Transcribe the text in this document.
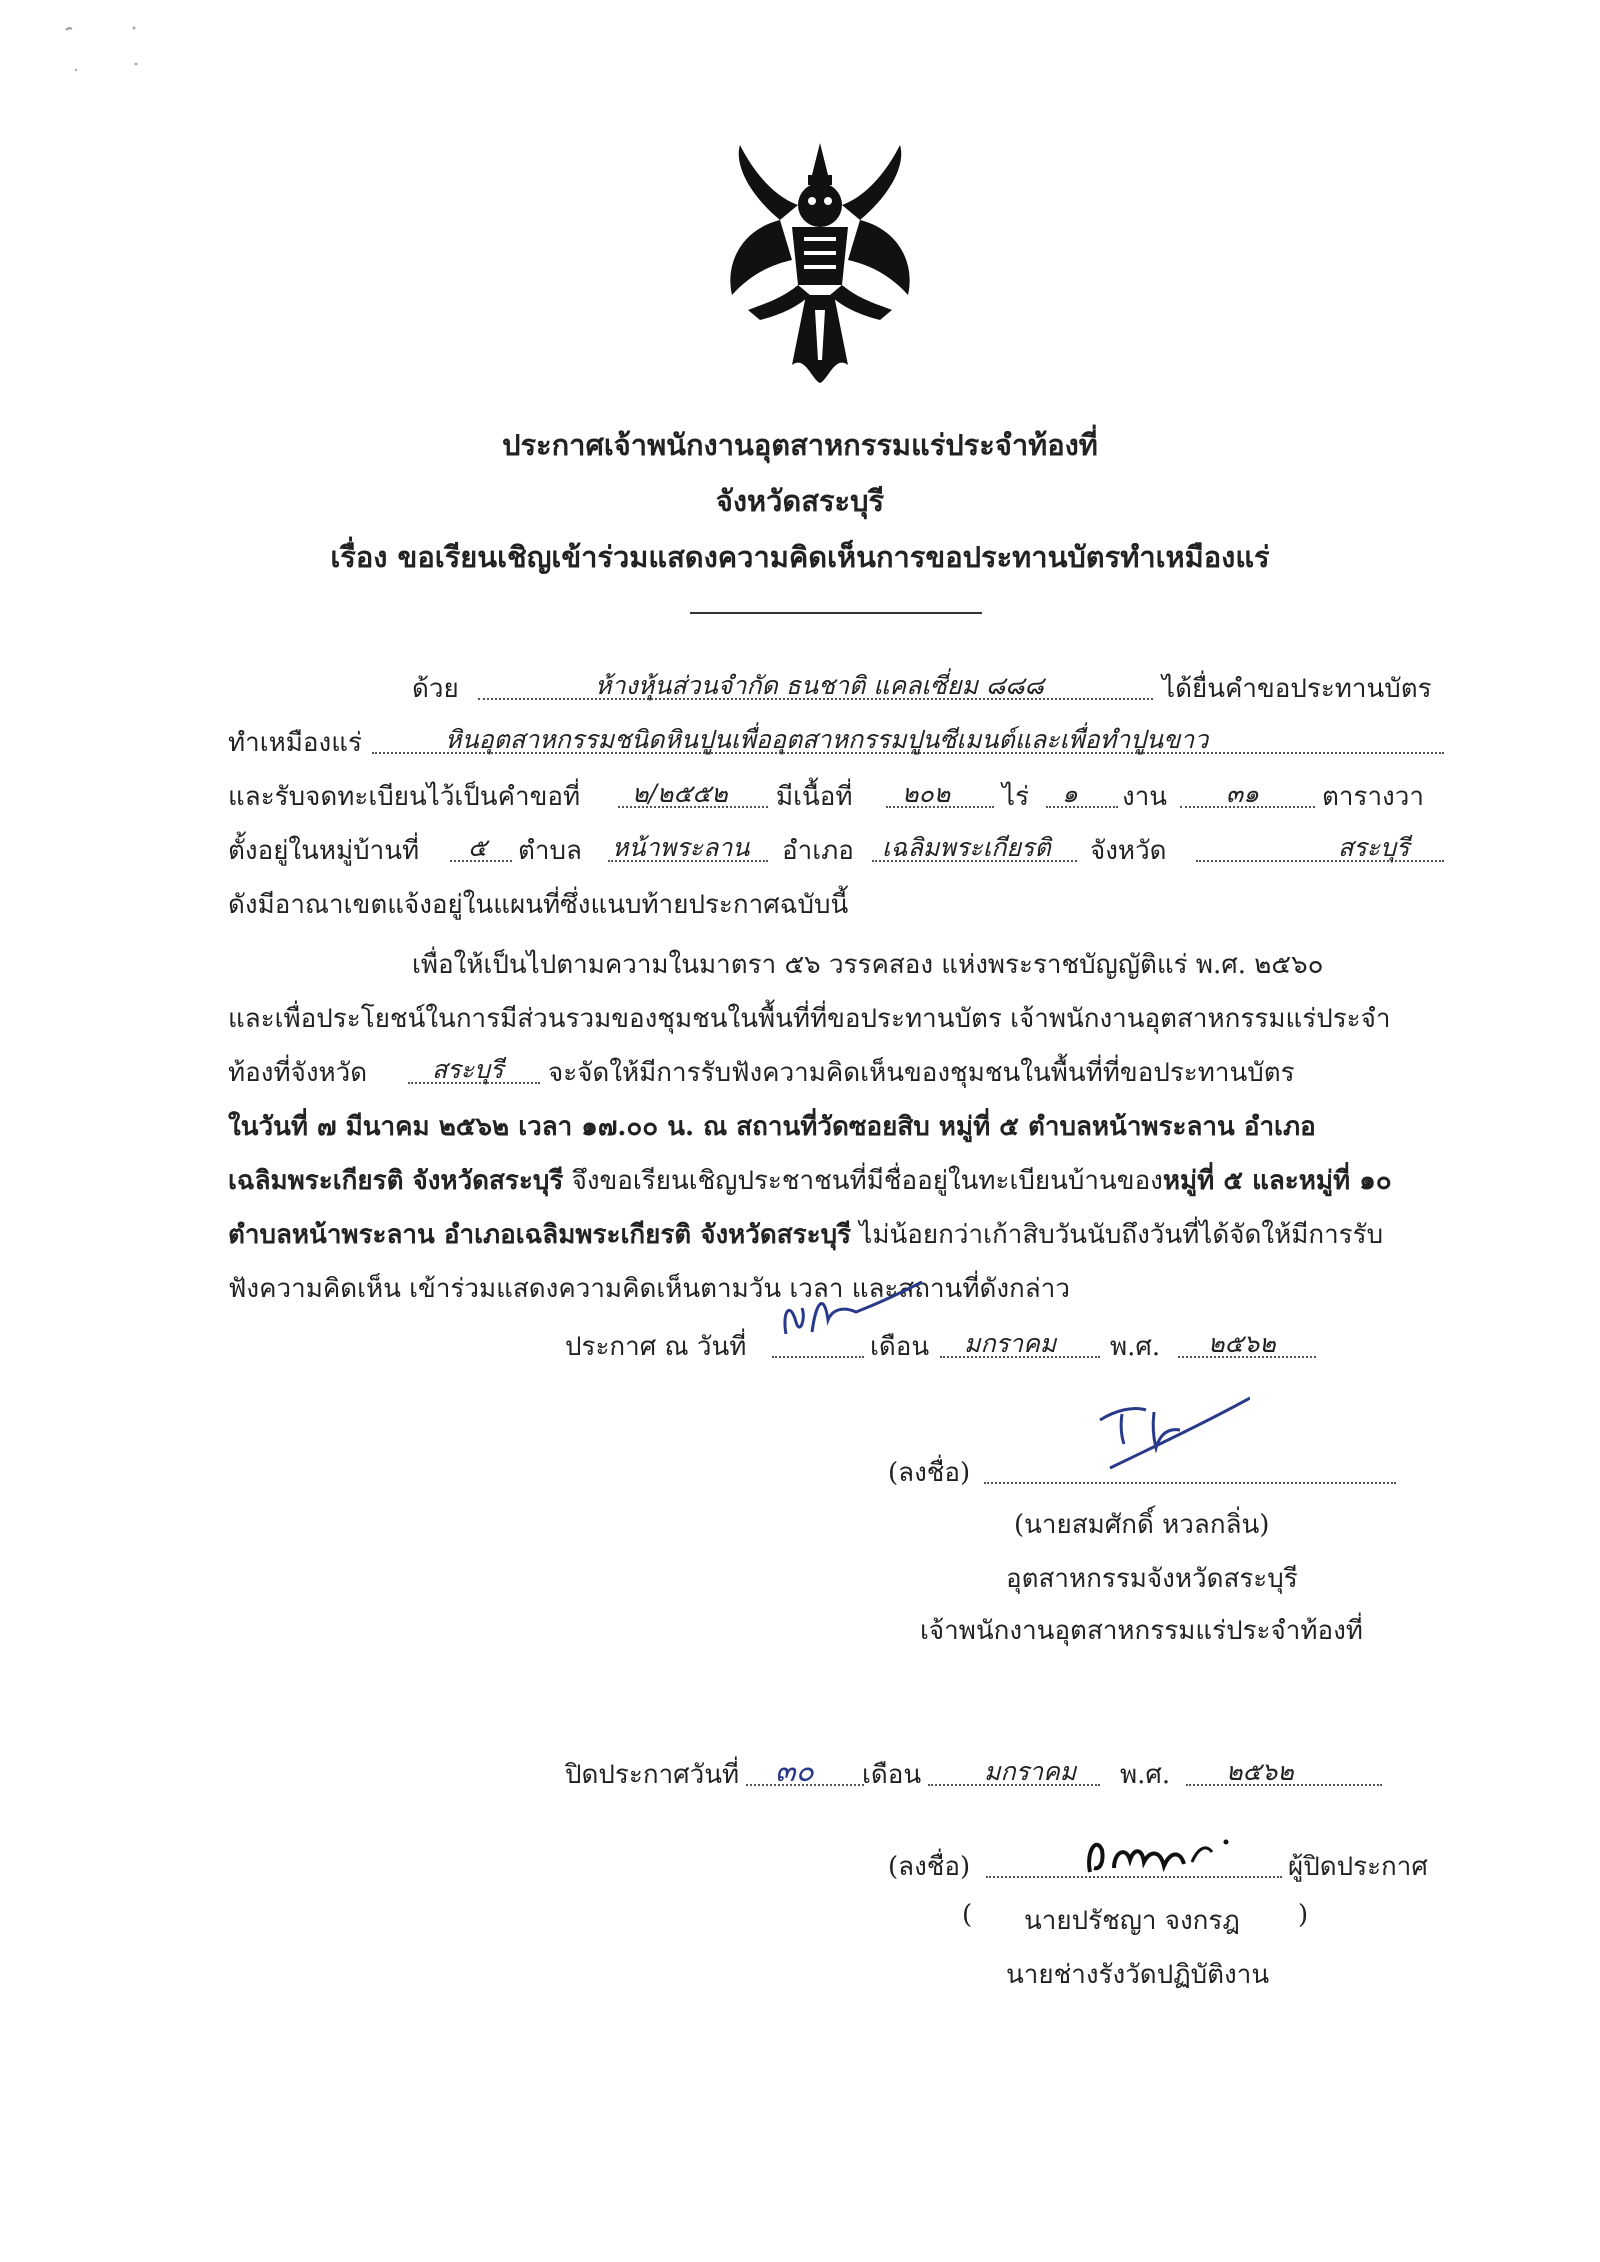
ประกาศเจ้าพนักงานอุตสาหกรรมแร่ประจำท้องที่
จังหวัดสระบุรี
เรื่อง ขอเรียนเชิญเข้าร่วมแสดงความคิดเห็นการขอประทานบัตรทำเหมืองแร่
ด้วย	ห้างหุ้นส่วนจำกัด ธนชาติ แคลเซี่ยม ๘๘๘	ได้ยื่นคำขอประทานบัตร
ทำเหมืองแร่	หินอุตสาหกรรมชนิดหินปูนเพื่ออุตสาหกรรมปูนซีเมนต์และเพื่อทำปูนขาว
และรับจดทะเบียนไว้เป็นคำขอที่ ๒/๒๕๕๒ มีเนื้อที่ ๒๐๒ ไร่ ๑ งาน ๓๑ ตารางวา
ตั้งอยู่ในหมู่บ้านที่ ๕ ตำบล หน้าพระลาน อำเภอ เฉลิมพระเกียรติ จังหวัด	สระบุรี
ดังมีอาณาเขตแจ้งอยู่ในแผนที่ซึ่งแนบท้ายประกาศฉบับนี้
เพื่อให้เป็นไปตามความในมาตรา ๕๖ วรรคสอง แห่งพระราชบัญญัติแร่ พ.ศ. ๒๕๖๐
และเพื่อประโยชน์ในการมีส่วนรวมของชุมชนในพื้นที่ที่ขอประทานบัตร เจ้าพนักงานอุตสาหกรรมแร่ประจำ
ท้องที่จังหวัด	สระบุรี จะจัดให้มีการรับฟังความคิดเห็นของชุมชนในพื้นที่ที่ขอประทานบัตร
ในวันที่ ๗ มีนาคม ๒๕๖๒ เวลา ๑๗.๐๐ น. ณ สถานที่วัดซอยสิบ หมู่ที่ ๕ ตำบลหน้าพระลาน อำเภอ
เฉลิมพระเกียรติ จังหวัดสระบุรี จึงขอเรียนเชิญประชาชนที่มีชื่ออยู่ในทะเบียนบ้านของหมู่ที่ ๕ และหมู่ที่ ๑๐
ตำบลหน้าพระลาน อำเภอเฉลิมพระเกียรติ จังหวัดสระบุรี ไม่น้อยกว่าเก้าสิบวันนับถึงวันที่ได้จัดให้มีการรับ
ฟังความคิดเห็น เข้าร่วมแสดงความคิดเห็นตามวัน เวลา และสถานที่ดังกล่าว
ประกาศ ณ วันที่	เดือน มกราคม พ.ศ. ๒๕๖๒
(ลงชื่อ)
(นายสมศักดิ์ หวลกลิ่น)
อุตสาหกรรมจังหวัดสระบุรี
เจ้าพนักงานอุตสาหกรรมแร่ประจำท้องที่
ปิดประกาศวันที่ ๓๐ เดือน	มกราคม พ.ศ. ๒๕๖๒
(ลงชื่อ)	ผู้ปิดประกาศ
( นายปรัชญา จงกรฎ )
นายช่างรังวัดปฏิบัติงาน
